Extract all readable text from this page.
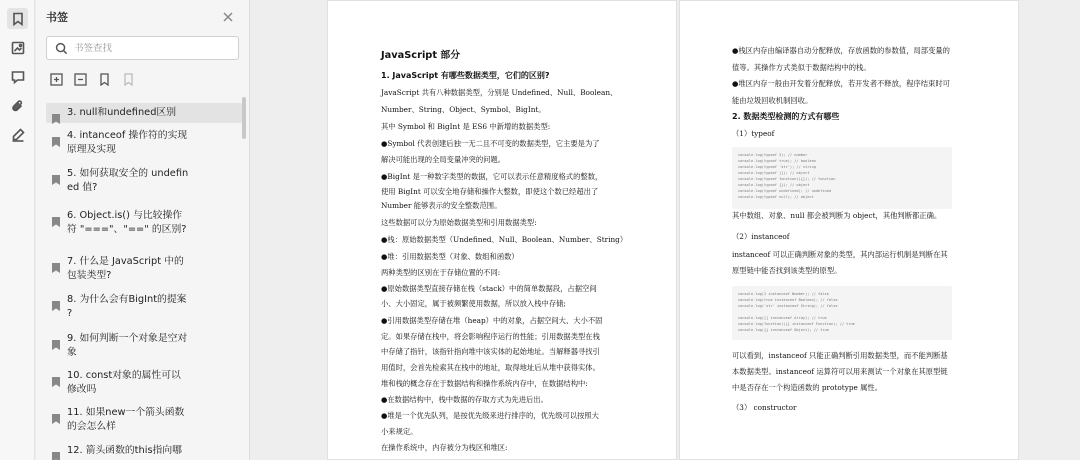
书签
书签查找
3. null和undefined区别
4. intanceof 操作符的实现
原理及实现
5. 如何获取安全的 undefin
ed 值?
6. Object.is() 与比较操作
符 "==="、"==" 的区别?
7. 什么是 JavaScript 中的
包装类型?
8. 为什么会有BigInt的提案
?
9. 如何判断一个对象是空对
象
10. const对象的属性可以
修改吗
11. 如果new一个箭头函数
的会怎么样
12. 箭头函数的this指向哪
JavaScript 部分
1. JavaScript 有哪些数据类型，它们的区别?
JavaScript 共有八种数据类型，分别是 Undefined、Null、Boolean、
Number、String、Object、Symbol、BigInt。
其中 Symbol 和 BigInt 是 ES6 中新增的数据类型:
●Symbol 代表创建后独一无二且不可变的数据类型，它主要是为了
解决可能出现的全局变量冲突的问题。
●BigInt 是一种数字类型的数据，它可以表示任意精度格式的整数，
使用 BigInt 可以安全地存储和操作大整数，即使这个数已经超出了
Number 能够表示的安全整数范围。
这些数据可以分为原始数据类型和引用数据类型:
●栈：原始数据类型（Undefined、Null、Boolean、Number、String）
●堆：引用数据类型（对象、数组和函数）
两种类型的区别在于存储位置的不同:
●原始数据类型直接存储在栈（stack）中的简单数据段，占据空间
小、大小固定，属于被频繁使用数据，所以放入栈中存储;
●引用数据类型存储在堆（heap）中的对象，占据空间大、大小不固
定。如果存储在栈中，将会影响程序运行的性能；引用数据类型在栈
中存储了指针，该指针指向堆中该实体的起始地址。当解释器寻找引
用值时，会首先检索其在栈中的地址，取得地址后从堆中获得实体。
堆和栈的概念存在于数据结构和操作系统内存中，在数据结构中:
●在数据结构中，栈中数据的存取方式为先进后出。
●堆是一个优先队列，是按优先级来进行排序的，优先级可以按照大
小来规定。
在操作系统中，内存被分为栈区和堆区:
console.log(typeof 2); // number
console.log(typeof true); // boolean
console.log(typeof 'str'); // string
console.log(typeof []); // object
console.log(typeof function(){}); // function
console.log(typeof {}); // object
console.log(typeof undefined); // undefined
console.log(typeof null); // object
console.log(2 instanceof Number); // false
console.log(true instanceof Boolean); // false
console.log('str' instanceof String); // false
console.log([] instanceof Array); // true
console.log(function(){} instanceof Function); // true
console.log({} instanceof Object); // true
●栈区内存由编译器自动分配释放，存放函数的参数值，局部变量的
值等。其操作方式类似于数据结构中的栈。
●堆区内存一般由开发着分配释放，若开发者不释放，程序结束时可
能由垃圾回收机制回收。
2. 数据类型检测的方式有哪些
（1）typeof
其中数组、对象、null 都会被判断为 object，其他判断都正确。
（2）instanceof
instanceof 可以正确判断对象的类型，其内部运行机制是判断在其
原型链中能否找到该类型的原型。
可以看到，instanceof 只能正确判断引用数据类型，而不能判断基
本数据类型。instanceof 运算符可以用来测试一个对象在其原型链
中是否存在一个构造函数的 prototype 属性。
（3） constructor
